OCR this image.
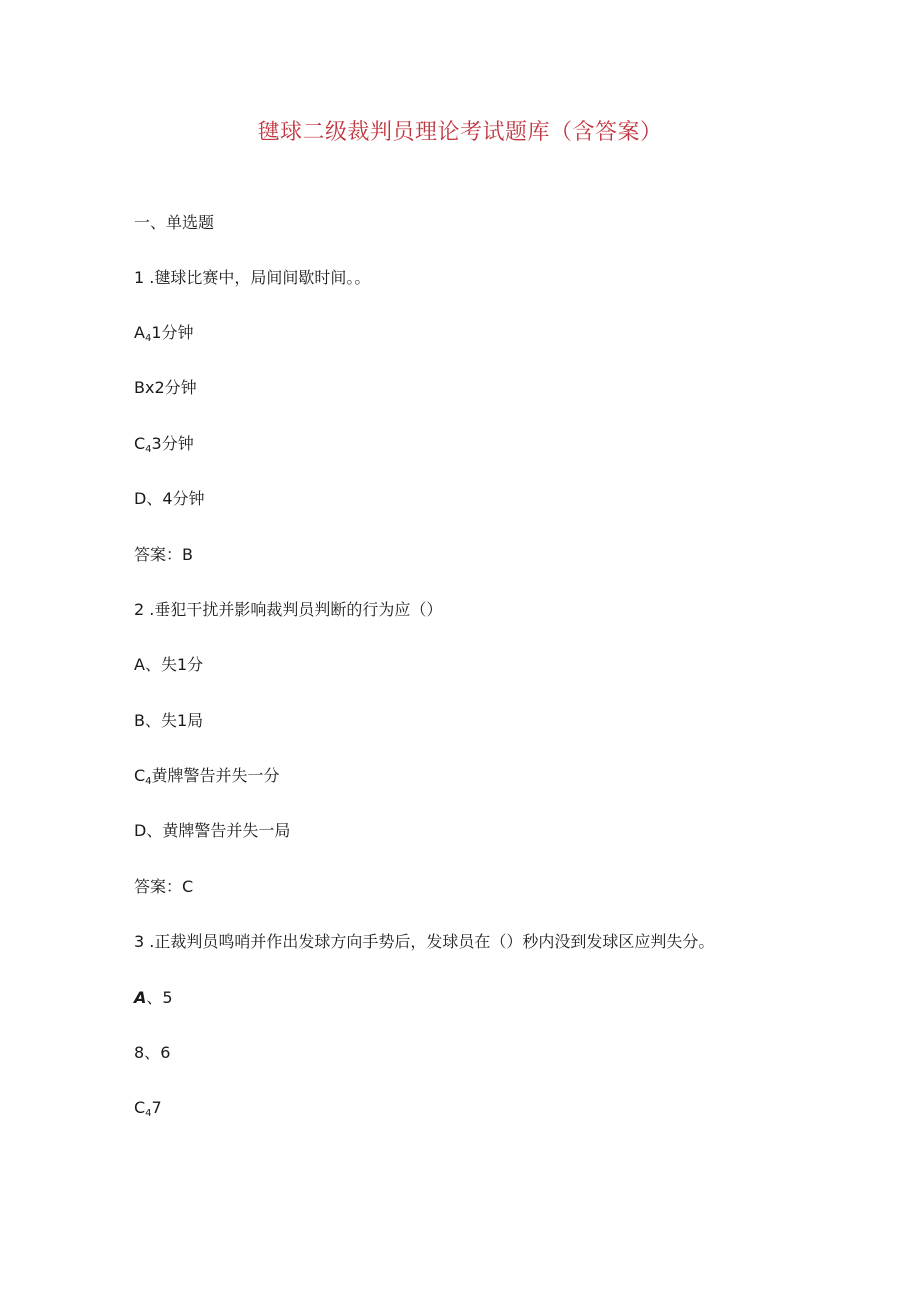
毽球二级裁判员理论考试题库（含答案）
一、单选题
1 .毽球比赛中，局间间歇时间。。
$A_41$分钟
Bx2分钟
$C_43$分钟
D、4分钟
答案：B
2 .垂犯干扰并影响裁判员判断的行为应（）
A、失1分
B、失1局
$C_4$黄牌警告并失一分
D、黄牌警告并失一局
答案：C
3 .正裁判员鸣哨并作出发球方向手势后，发球员在（）秒内没到发球区应判失分。
A、5
8、6
$C_47$
